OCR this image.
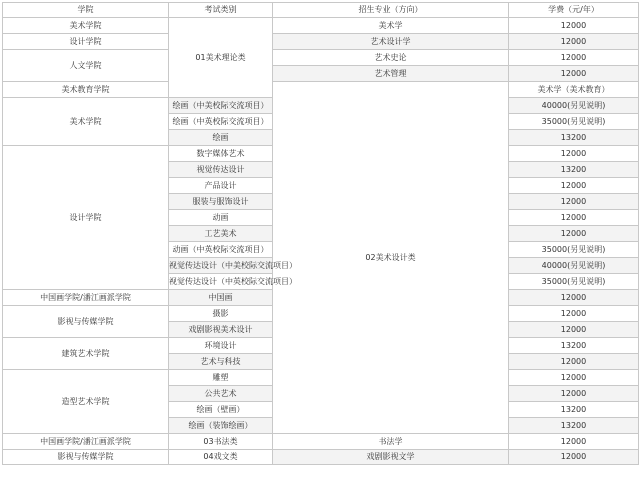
学院	考试类别	招生专业（方向）	学费（元/年）	
美术学院	01美术理论类	美术学	12000	
设计学院		艺术设计学	12000	
人文学院		艺术史论	12000	
		艺术管理	12000	
美术教育学院		02美术设计类	美术学（美术教育）	
美术学院	绘画（中美校际交流项目）		40000(另见说明)	
	绘画（中英校际交流项目）		35000(另见说明)	
	绘画		13200	
设计学院	数字媒体艺术		12000	
	视觉传达设计		13200	
	产品设计		12000	
	服装与服饰设计		12000	
	动画		12000	
	工艺美术		12000	
	动画（中英校际交流项目）		35000(另见说明)	
	视觉传达设计（中美校际交流项目）		40000(另见说明)	
	视觉传达设计（中英校际交流项目）		35000(另见说明)	
中国画学院/潘江画派学院	中国画		12000	
影视与传媒学院	摄影		12000	
	戏剧影视美术设计		12000	
建筑艺术学院	环境设计		13200	
	艺术与科技		12000	
造型艺术学院	雕塑		12000	
	公共艺术		12000	
	绘画（壁画）		13200	
	绘画（装饰绘画）		13200	
中国画学院/潘江画派学院	03书法类	书法学	12000	
影视与传媒学院	04戏文类	戏剧影视文学	12000	
